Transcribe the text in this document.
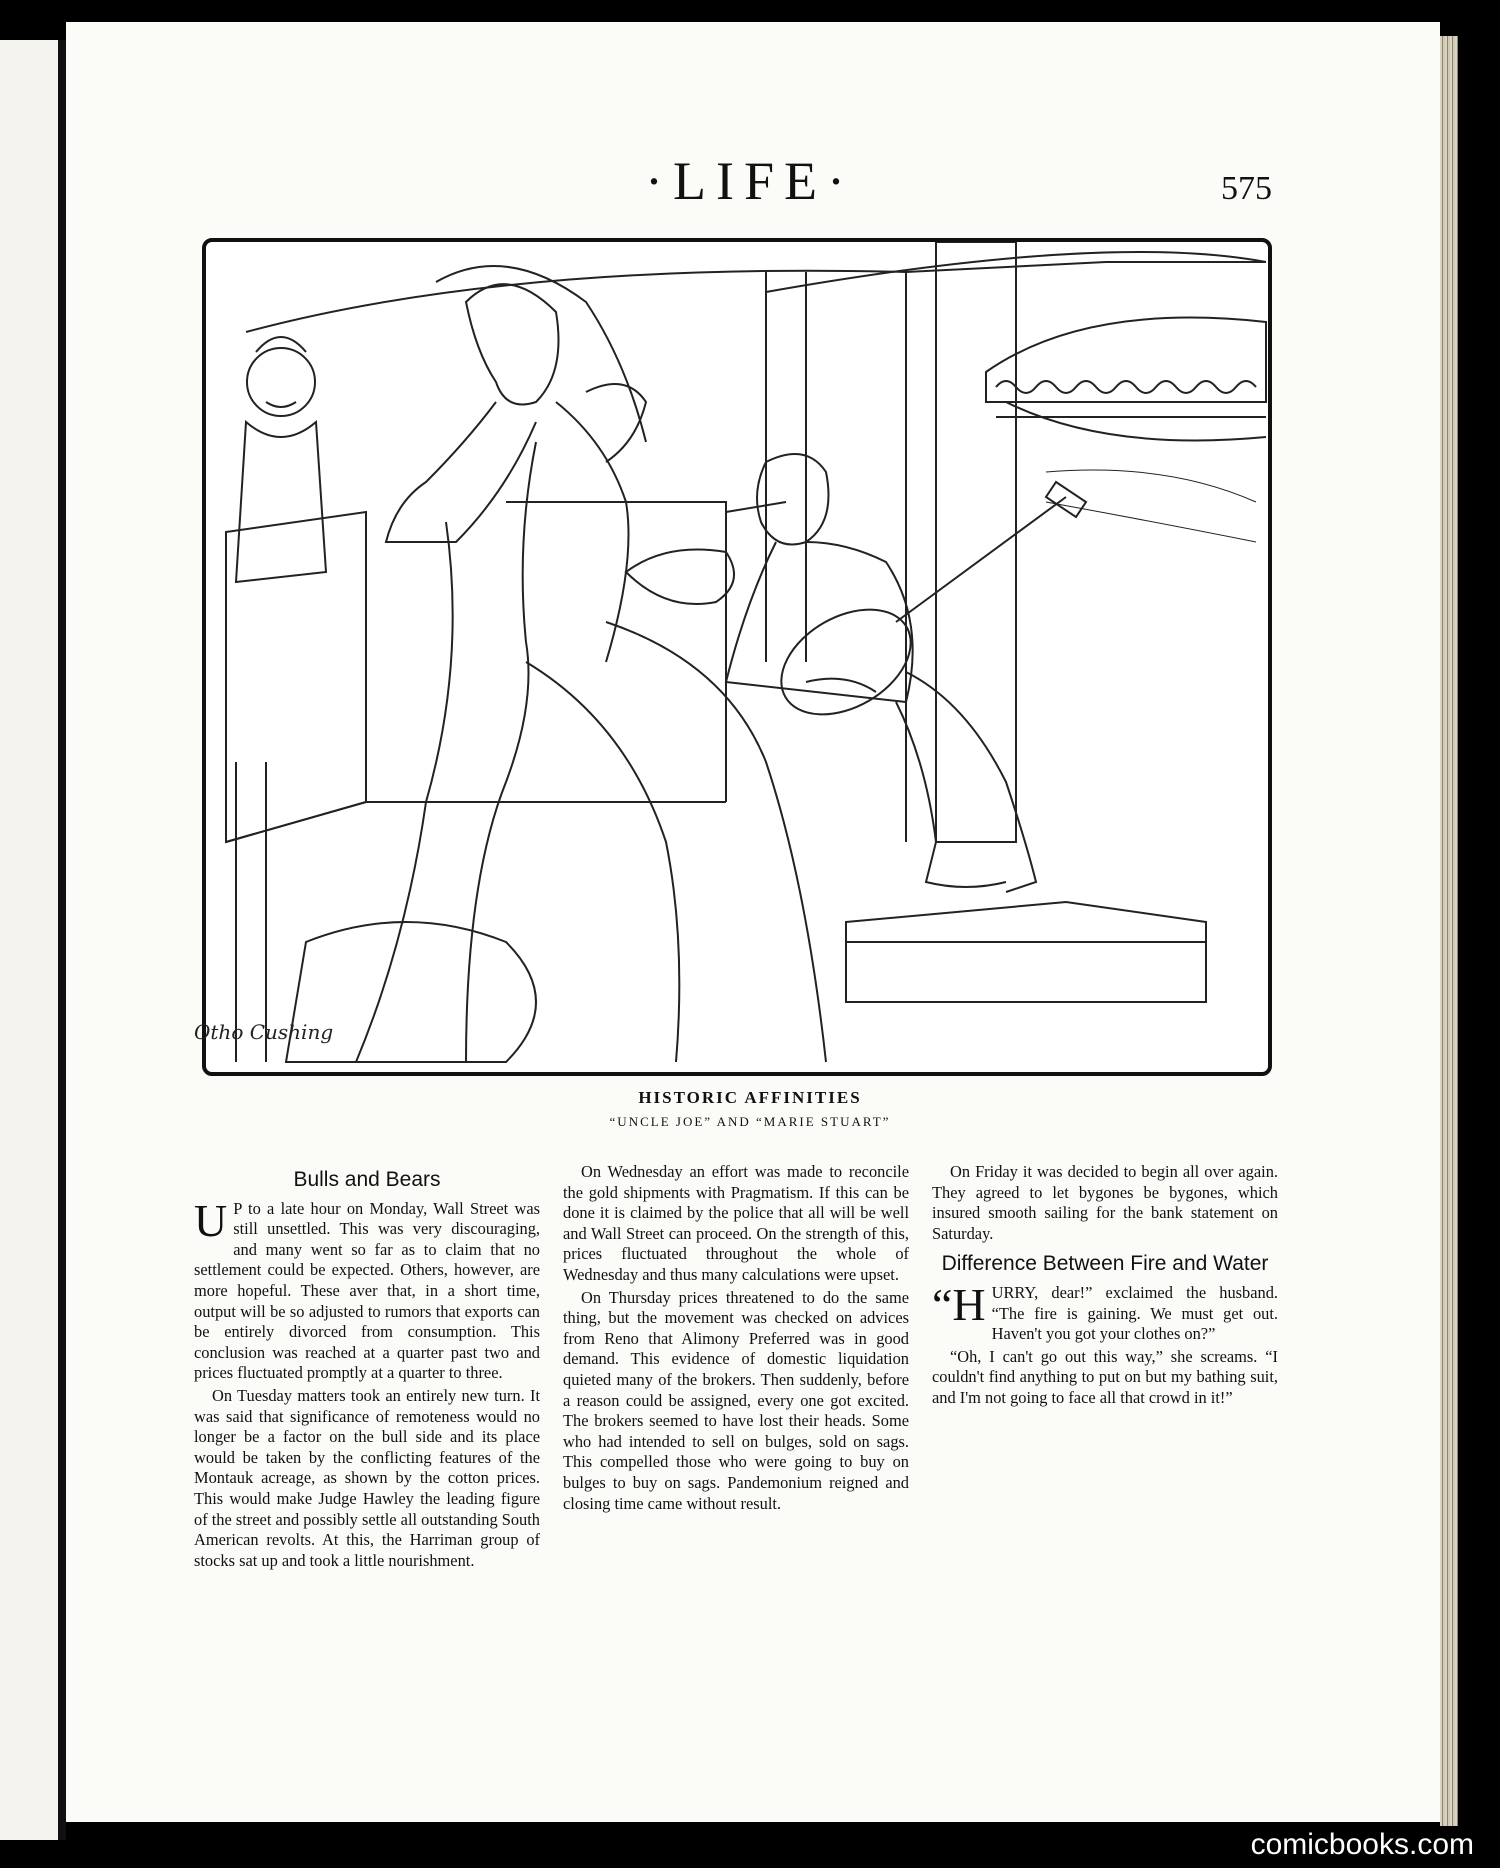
·LIFE·	575
Otho Cushing
HISTORIC AFFINITIES
“UNCLE JOE” AND “MARIE STUART”
Bulls and Bears

U P to a late hour on Monday, Wall Street was still unsettled. This was very discouraging, and many went so far as to claim that no settlement could be expected. Others, however, are more hopeful. These aver that, in a short time, output will be so adjusted to rumors that exports can be entirely divorced from consumption. This conclusion was reached at a quarter past two and prices fluctuated promptly at a quarter to three.

On Tuesday matters took an entirely new turn. It was said that significance of remoteness would no longer be a factor on the bull side and its place would be taken by the conflicting features of the Montauk acreage, as shown by the cotton prices. This would make Judge Hawley the leading figure of the street and possibly settle all outstanding South American revolts. At this, the Harriman group of stocks sat up and took a little nourishment.

On Wednesday an effort was made to reconcile the gold shipments with Pragmatism. If this can be done it is claimed by the police that all will be well and Wall Street can proceed. On the strength of this, prices fluctuated throughout the whole of Wednesday and thus many calculations were upset.

On Thursday prices threatened to do the same thing, but the movement was checked on advices from Reno that Alimony Preferred was in good demand. This evidence of domestic liquidation quieted many of the brokers. Then suddenly, before a reason could be assigned, every one got excited. The brokers seemed to have lost their heads. Some who had intended to sell on bulges, sold on sags. This compelled those who were going to buy on bulges to buy on sags. Pandemonium reigned and closing time came without result.

On Friday it was decided to begin all over again. They agreed to let bygones be bygones, which insured smooth sailing for the bank statement on Saturday.

Difference Between Fire and Water

“HURRY, dear!” exclaimed the husband. “The fire is gaining. We must get out. Haven't you got your clothes on?”

“Oh, I can't go out this way,” she screams. “I couldn't find anything to put on but my bathing suit, and I'm not going to face all that crowd in it!”

comicbooks.com
